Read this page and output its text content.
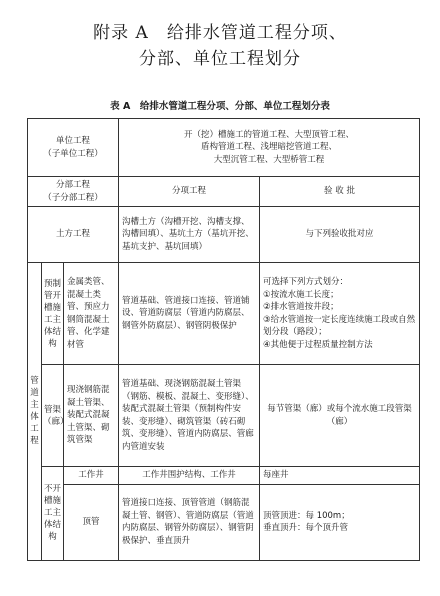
附录 A　给排水管道工程分项、
分部、单位工程划分
表 A　给排水管道工程分项、分部、单位工程划分表
单位工程
（子单位工程）			开（挖）槽施工的管道工程、大型顶管工程、
盾构管道工程、浅埋暗挖管道工程、
大型沉管工程、大型桥管工程	
分部工程
（子分部工程）			分项工程	验 收 批
土方工程			沟槽土方（沟槽开挖、沟槽支撑、沟槽回填）、基坑土方（基坑开挖、基坑支护、基坑回填）	与下列验收批对应
管道主体工程	预制管开槽施工主体结构	金属类管、混凝土类管、预应力钢筒混凝土管、化学建材管	管道基础、管道接口连接、管道铺设、管道防腐层（管道内防腐层、钢管外防腐层）、钢管阴极保护	可选择下列方式划分：
①按流水施工长度；
②排水管道按井段；
③给水管道按一定长度连续施工段或自然划分段（路段）；
④其他便于过程质量控制方法
	管渠（廊）	现浇钢筋混凝土管渠、装配式混凝土管渠、砌筑管渠	管道基础、现浇钢筋混凝土管渠（钢筋、模板、混凝土、变形缝）、装配式混凝土管渠（预制构件安装、变形缝）、砌筑管渠（砖石砌筑、变形缝）、管道内防腐层、管廊内管道安装	每节管渠（廊）或每个流水施工段管渠（廊）
	不开槽施工主体结构	工作井	工作井围护结构、工作井	每座井
		顶管	管道接口连接、顶管管道（钢筋混凝土管、钢管）、管道防腐层（管道内防腐层、钢管外防腐层）、钢管阴极保护、垂直顶升	顶管顶进：每 100m；
垂直顶升：每个顶升管
